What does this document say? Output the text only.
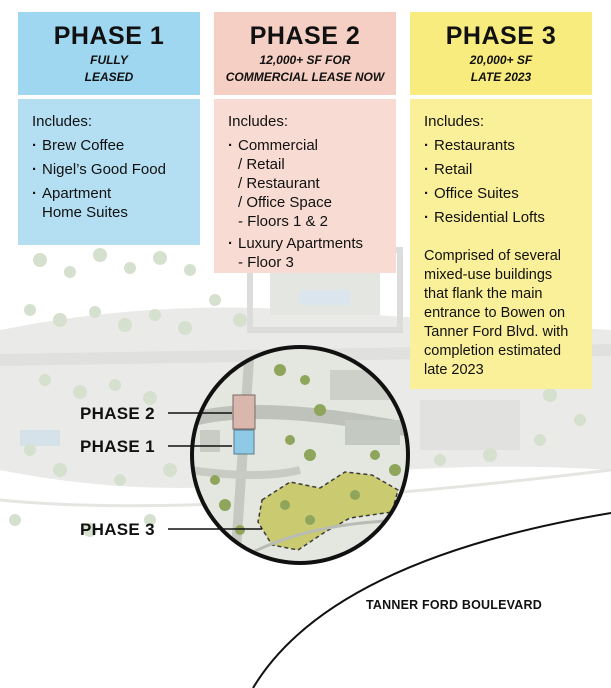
PHASE 1
FULLY
LEASED
Includes:
· Brew Coffee
· Nigel’s Good Food
· Apartment
Home Suites
PHASE 2
12,000+ SF FOR
COMMERCIAL LEASE NOW
Includes:
· Commercial
/ Retail
/ Restaurant
/ Office Space
- Floors 1 & 2
· Luxury Apartments
- Floor 3
PHASE 3
20,000+ SF
LATE 2023
Includes:
· Restaurants
· Retail
· Office Suites
· Residential Lofts

Comprised of several mixed-use buildings that flank the main entrance to Bowen on Tanner Ford Blvd. with completion estimated late 2023

PHASE 2
PHASE 1
PHASE 3
TANNER FORD BOULEVARD
